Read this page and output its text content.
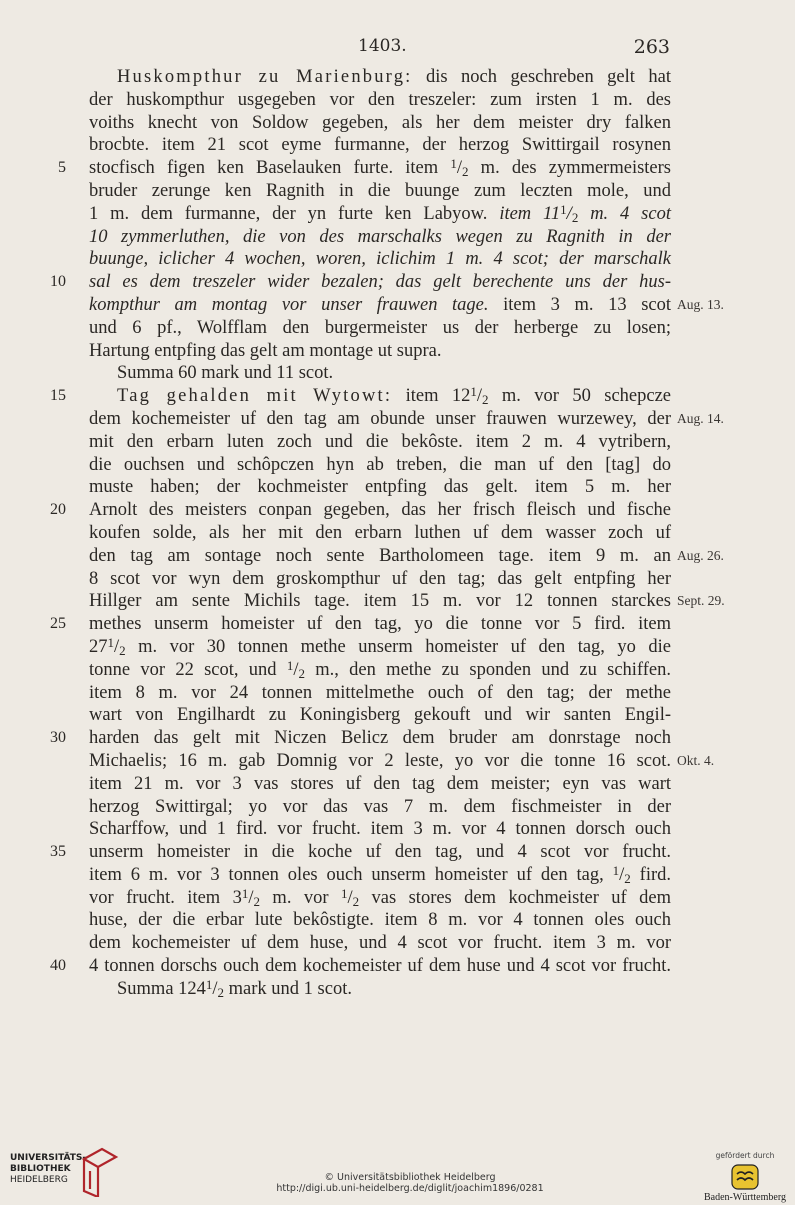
1403.	263
Huskompthur zu Marienburg: dis noch geschreben gelt hat
der huskompthur usgegeben vor den treszeler: zum irsten 1 m. des
voiths knecht von Soldow gegeben, als her dem meister dry falken
brocbte. item 21 scot eyme furmanne, der herzog Swittirgail rosynen
5 stocfisch figen ken Baselauken furte. item $^1$/2 m. des zymmermeisters
bruder zerunge ken Ragnith in die buunge zum leczten mole, und
1 m. dem furmanne, der yn furte ken Labyow. item $11^1/2$ m. 4 scot
10 zymmerluthen, die von des marschalks wegen zu Ragnith in der
buunge, iclicher 4 wochen, woren, iclichim 1 m. 4 scot; der marschalk
10 sal es dem treszeler wider bezalen; das gelt berechente uns der hus-
kompthur am montag vor unser frauwen tage. item 3 m. 13 scot Aug. 13.
und 6 pf., Wolfflam den burgermeister us der herberge zu losen;
Hartung entpfing das gelt am montage ut supra.
Summa 60 mark und 11 scot.
15	Tag gehalden mit Wytowt: item $12^1/2$ m. vor 50 schepcze
dem kochemeister uf den tag am obunde unser frauwen wurzewey, der Aug. 14.
mit den erbarn luten zoch und die bekôste. item 2 m. 4 vytribern,
die ouchsen und schôpczen hyn ab treben, die man uf den [tag] do
muste haben; der kochmeister entpfing das gelt. item 5 m. her
20 Arnolt des meisters conpan gegeben, das her frisch fleisch und fische
koufen solde, als her mit den erbarn luthen uf dem wasser zoch uf
den tag am sontage noch sente Bartholomeen tage. item 9 m. an Aug. 26.
8 scot vor wyn dem groskompthur uf den tag; das gelt entpfing her
Hillger am sente Michils tage. item 15 m. vor 12 tonnen starckes Sept. 29.
25 methes unserm homeister uf den tag, yo die tonne vor 5 fird. item
$27^1/2$ m. vor 30 tonnen methe unserm homeister uf den tag, yo die
tonne vor 22 scot, und $^1$/2 m., den methe zu sponden und zu schiffen.
item 8 m. vor 24 tonnen mittelmethe ouch of den tag; der methe
wart von Engilhardt zu Koningisberg gekouft und wir santen Engil-
30 harden das gelt mit Niczen Belicz dem bruder am donrstage noch
Michaelis; 16 m. gab Domnig vor 2 leste, yo vor die tonne 16 scot. Okt. 4.
item 21 m. vor 3 vas stores uf den tag dem meister; eyn vas wart
herzog Swittirgal; yo vor das vas 7 m. dem fischmeister in der
Scharffow, und 1 fird. vor frucht. item 3 m. vor 4 tonnen dorsch ouch
35 unserm homeister in die koche uf den tag, und 4 scot vor frucht.
item 6 m. vor 3 tonnen oles ouch unserm homeister uf den tag, $^1$/2 fird.
vor frucht. item $3^1/2$ m. vor $^1$/2 vas stores dem kochmeister uf dem
huse, der die erbar lute bekôstigte. item 8 m. vor 4 tonnen oles ouch
dem kochemeister uf dem huse, und 4 scot vor frucht. item 3 m. vor
40 4 tonnen dorschs ouch dem kochemeister uf dem huse und 4 scot vor frucht.
Summa $124^1/2$ mark und 1 scot.
UNIVERSITÄTS-
BIBLIOTHEK
HEIDELBERG	© Universitätsbibliothek Heidelberg
http://digi.ub.uni-heidelberg.de/diglit/joachim1896/0281
gefördert durch
Baden-Württemberg
